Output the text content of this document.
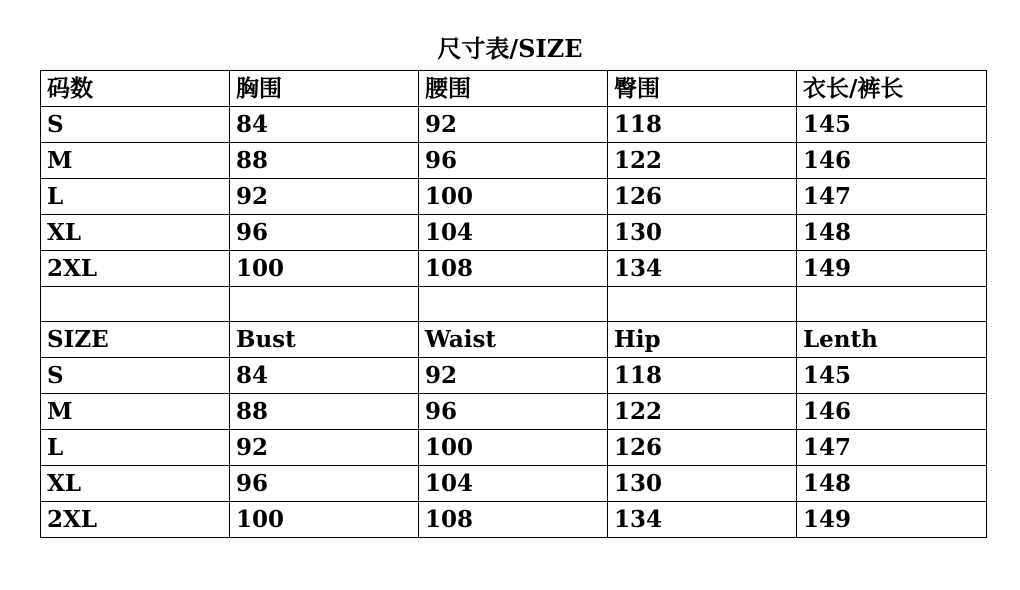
尺寸表/SIZE
码数	胸围	腰围	臀围	衣长/裤长
S	84	92	118	145
M	88	96	122	146
L	92	100	126	147
XL	96	104	130	148
2XL	100	108	134	149

SIZE	Bust	Waist	Hip	Lenth
S	84	92	118	145
M	88	96	122	146
L	92	100	126	147
XL	96	104	130	148
2XL	100	108	134	149
